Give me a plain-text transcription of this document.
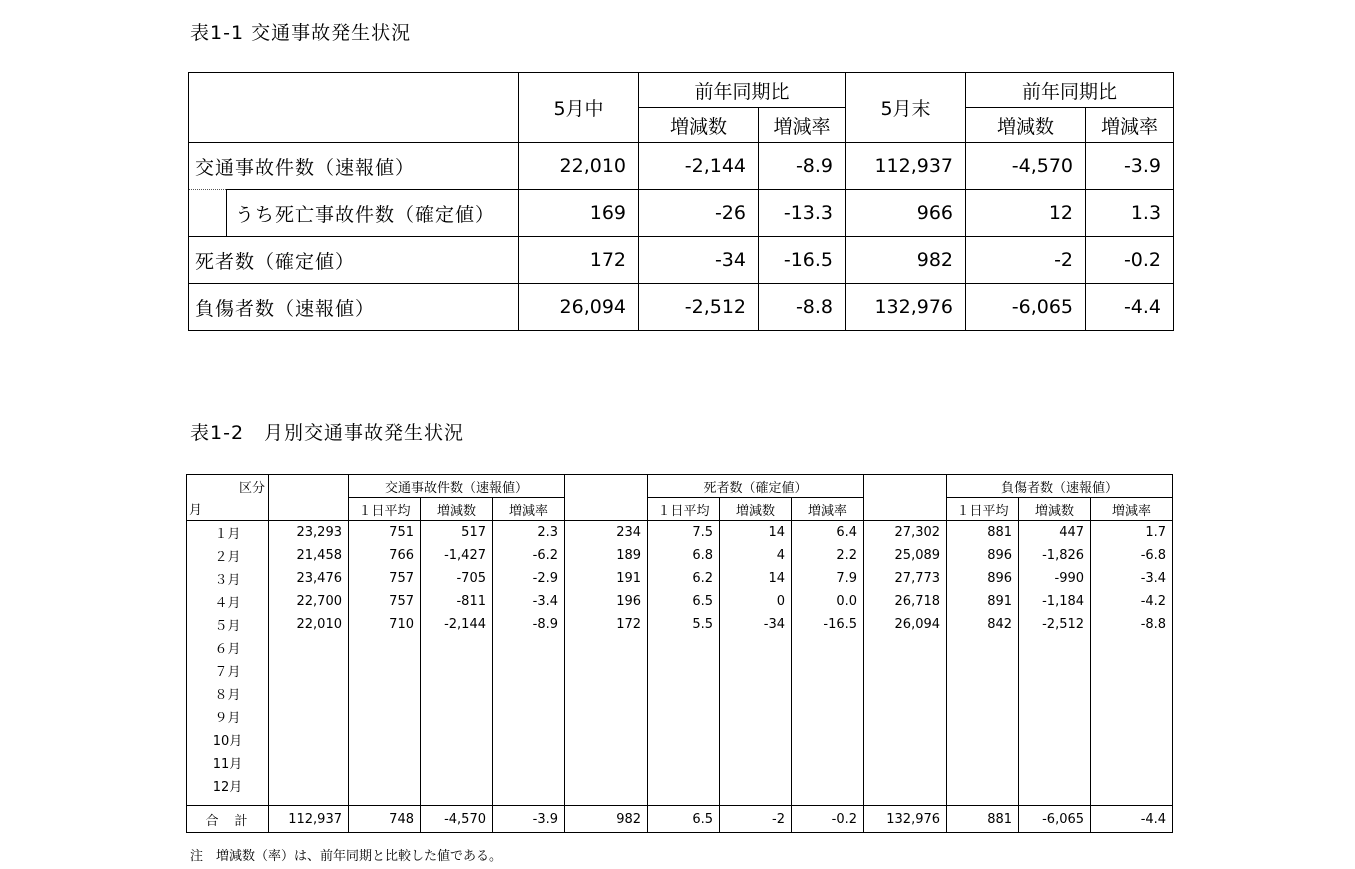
表1-1 交通事故発生状況
		5月中	前年同期比		5月末	前年同期比	
			増減数	増減率		増減数	増減率
交通事故件数（速報値）		22,010	-2,144	-8.9	112,937	-4,570	-3.9
	うち死亡事故件数（確定値）	169	-26	-13.3	966	12	1.3
死者数（確定値）		172	-34	-16.5	982	-2	-0.2
負傷者数（速報値）		26,094	-2,512	-8.8	132,976	-6,065	-4.4
表1-2　月別交通事故発生状況
区分		交通事故件数（速報値）				死者数（確定値）				負傷者数（速報値）		
月		１日平均	増減数	増減率		１日平均	増減数	増減率		１日平均	増減数	増減率
１月	23,293	751	517	2.3	234	7.5	14	6.4	27,302	881	447	1.7
２月	21,458	766	-1,427	-6.2	189	6.8	4	2.2	25,089	896	-1,826	-6.8
３月	23,476	757	-705	-2.9	191	6.2	14	7.9	27,773	896	-990	-3.4
４月	22,700	757	-811	-3.4	196	6.5	0	0.0	26,718	891	-1,184	-4.2
５月	22,010	710	-2,144	-8.9	172	5.5	-34	-16.5	26,094	842	-2,512	-8.8
６月												
７月												
８月												
９月												
10月												
11月												
12月												

合計	112,937	748	-4,570	-3.9	982	6.5	-2	-0.2	132,976	881	-6,065	-4.4
注　増減数（率）は、前年同期と比較した値である。
